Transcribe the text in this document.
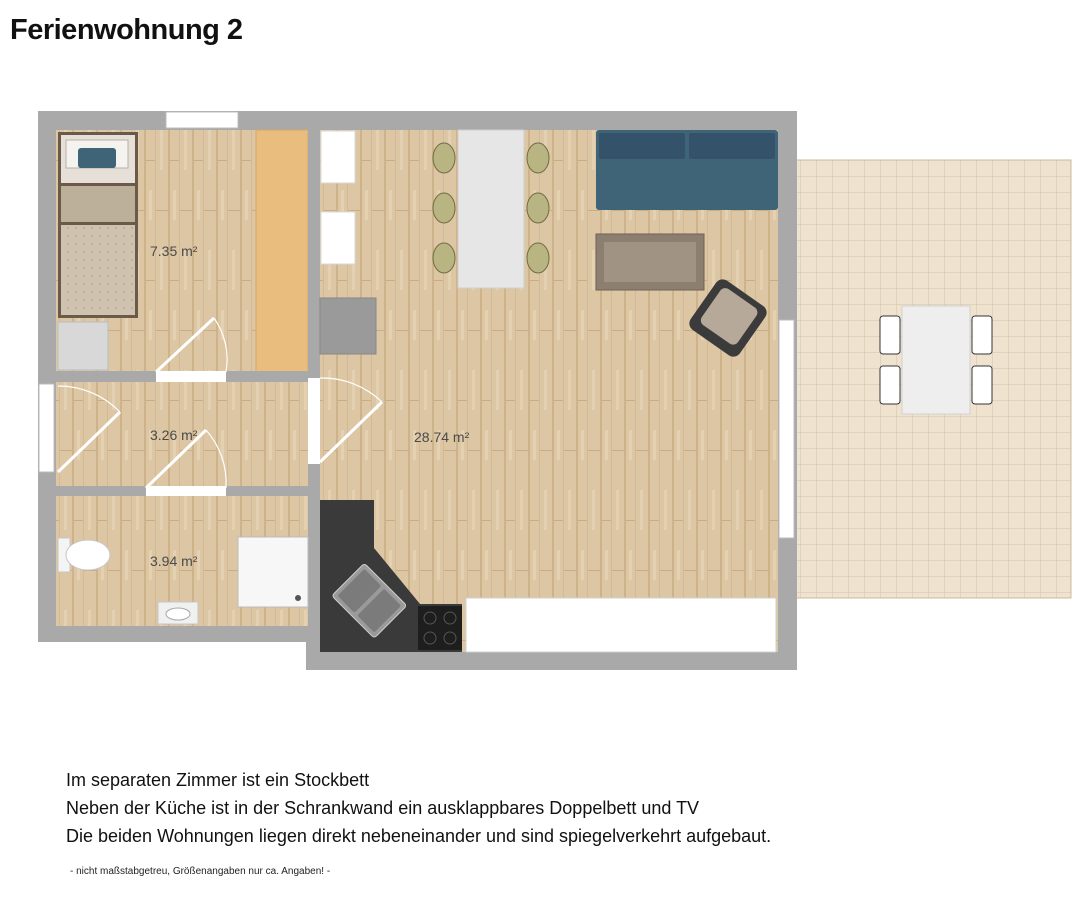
Ferienwohnung 2
7.35 m²
3.26 m²
3.94 m²
28.74 m²
Im separaten Zimmer ist ein Stockbett
Neben der Küche ist in der Schrankwand ein ausklappbares Doppelbett und TV
Die beiden Wohnungen liegen direkt nebeneinander und sind spiegelverkehrt aufgebaut.
- nicht maßstabgetreu, Größenangaben nur ca. Angaben! -
